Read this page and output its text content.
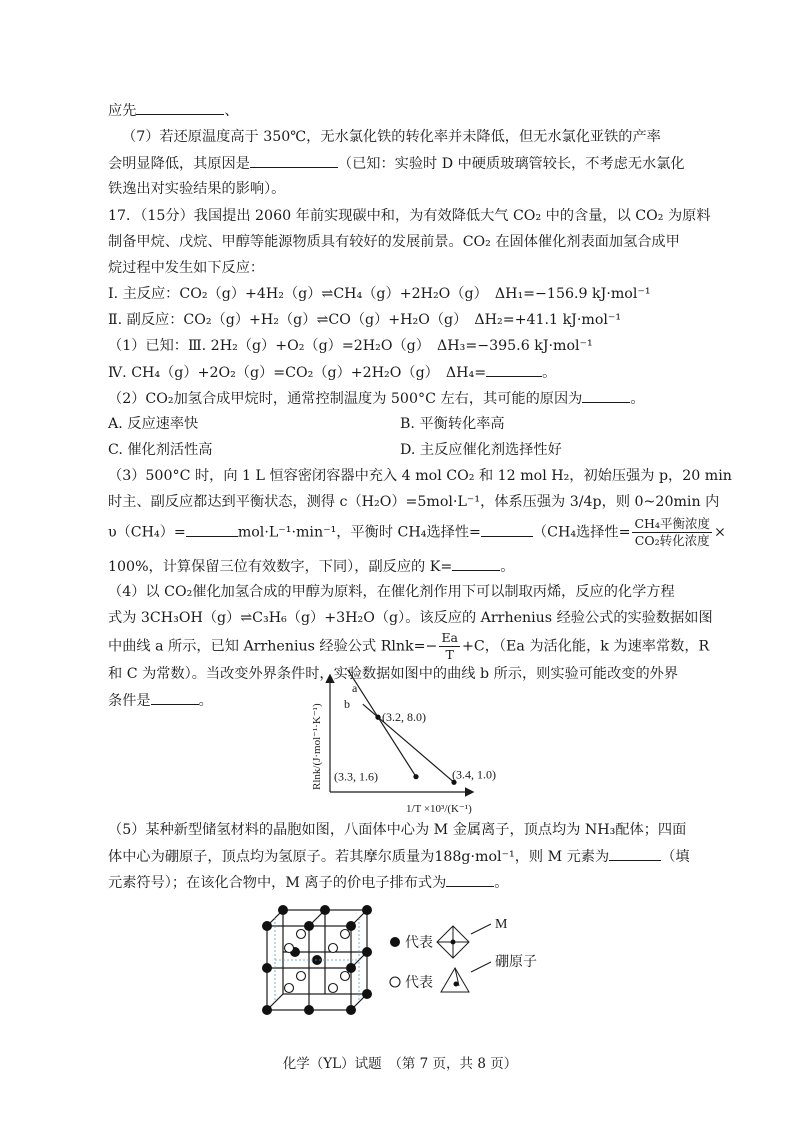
应先	、
（7）若还原温度高于 350℃，无水氯化铁的转化率并未降低，但无水氯化亚铁的产率
会明显降低，其原因是	（已知：实验时 D 中硬质玻璃管较长，不考虑无水氯化
铁逸出对实验结果的影响）。
17．（15分）我国提出 2060 年前实现碳中和，为有效降低大气 CO₂ 中的含量，以 CO₂ 为原料
制备甲烷、戊烷、甲醇等能源物质具有较好的发展前景。CO₂ 在固体催化剂表面加氢合成甲
烷过程中发生如下反应：
Ⅰ. 主反应：CO₂（g）+4H₂（g）⇌CH₄（g）+2H₂O（g）　ΔH₁=−156.9 kJ·mol⁻¹
Ⅱ. 副反应：CO₂（g）+H₂（g）⇌CO（g）+H₂O（g）　ΔH₂=+41.1 kJ·mol⁻¹
（1）已知：Ⅲ. 2H₂（g）+O₂（g）=2H₂O（g）　ΔH₃=−395.6 kJ·mol⁻¹
Ⅳ. CH₄（g）+2O₂（g）=CO₂（g）+2H₂O（g）　ΔH₄=	。
（2）CO₂加氢合成甲烷时，通常控制温度为 500°C 左右，其可能的原因为	。
A. 反应速率快	B. 平衡转化率高
C. 催化剂活性高	D. 主反应催化剂选择性好
（3）500°C 时，向 1 L 恒容密闭容器中充入 4 mol CO₂ 和 12 mol H₂，初始压强为 p，20 min
时主、副反应都达到平衡状态，测得 c（H₂O）=5mol·L⁻¹，体系压强为 3/4p，则 0~20min 内
υ（CH₄）=	mol·L⁻¹·min⁻¹，平衡时 CH₄选择性=	（CH₄选择性= $\frac{\text{CH₄平衡浓度}}{\text{CO₂转化浓度}}$ ×
100%，计算保留三位有效数字，下同），副反应的 K=	。
（4）以 CO₂催化加氢合成的甲醇为原料，在催化剂作用下可以制取丙烯，反应的化学方程
式为 3CH₃OH（g）⇌C₃H₆（g）+3H₂O（g）。该反应的 Arrhenius 经验公式的实验数据如图
中曲线 a 所示，已知 Arrhenius 经验公式 $Rlnk=- \frac{Ea}{T} +C$，（Ea 为活化能，k 为速率常数，R
和 C 为常数）。当改变外界条件时，实验数据如图中的曲线 b 所示，则实验可能改变的外界
条件是	。
Rlnk/(J·mol⁻¹·K⁻¹)	(3.2, 8.0)
(3.3, 1.6)	(3.4, 1.0)
a
b
1/T ×10³/(K⁻¹)
（5）某种新型储氢材料的晶胞如图，八面体中心为 M 金属离子，顶点均为 NH₃配体；四面
体中心为硼原子，顶点均为氢原子。若其摩尔质量为188g·mol⁻¹，则 M 元素为	（填
元素符号）；在该化合物中，M 离子的价电子排布式为	。
代表
M
代表
硼原子
化学（YL）试题　（第 7 页，共 8 页）
